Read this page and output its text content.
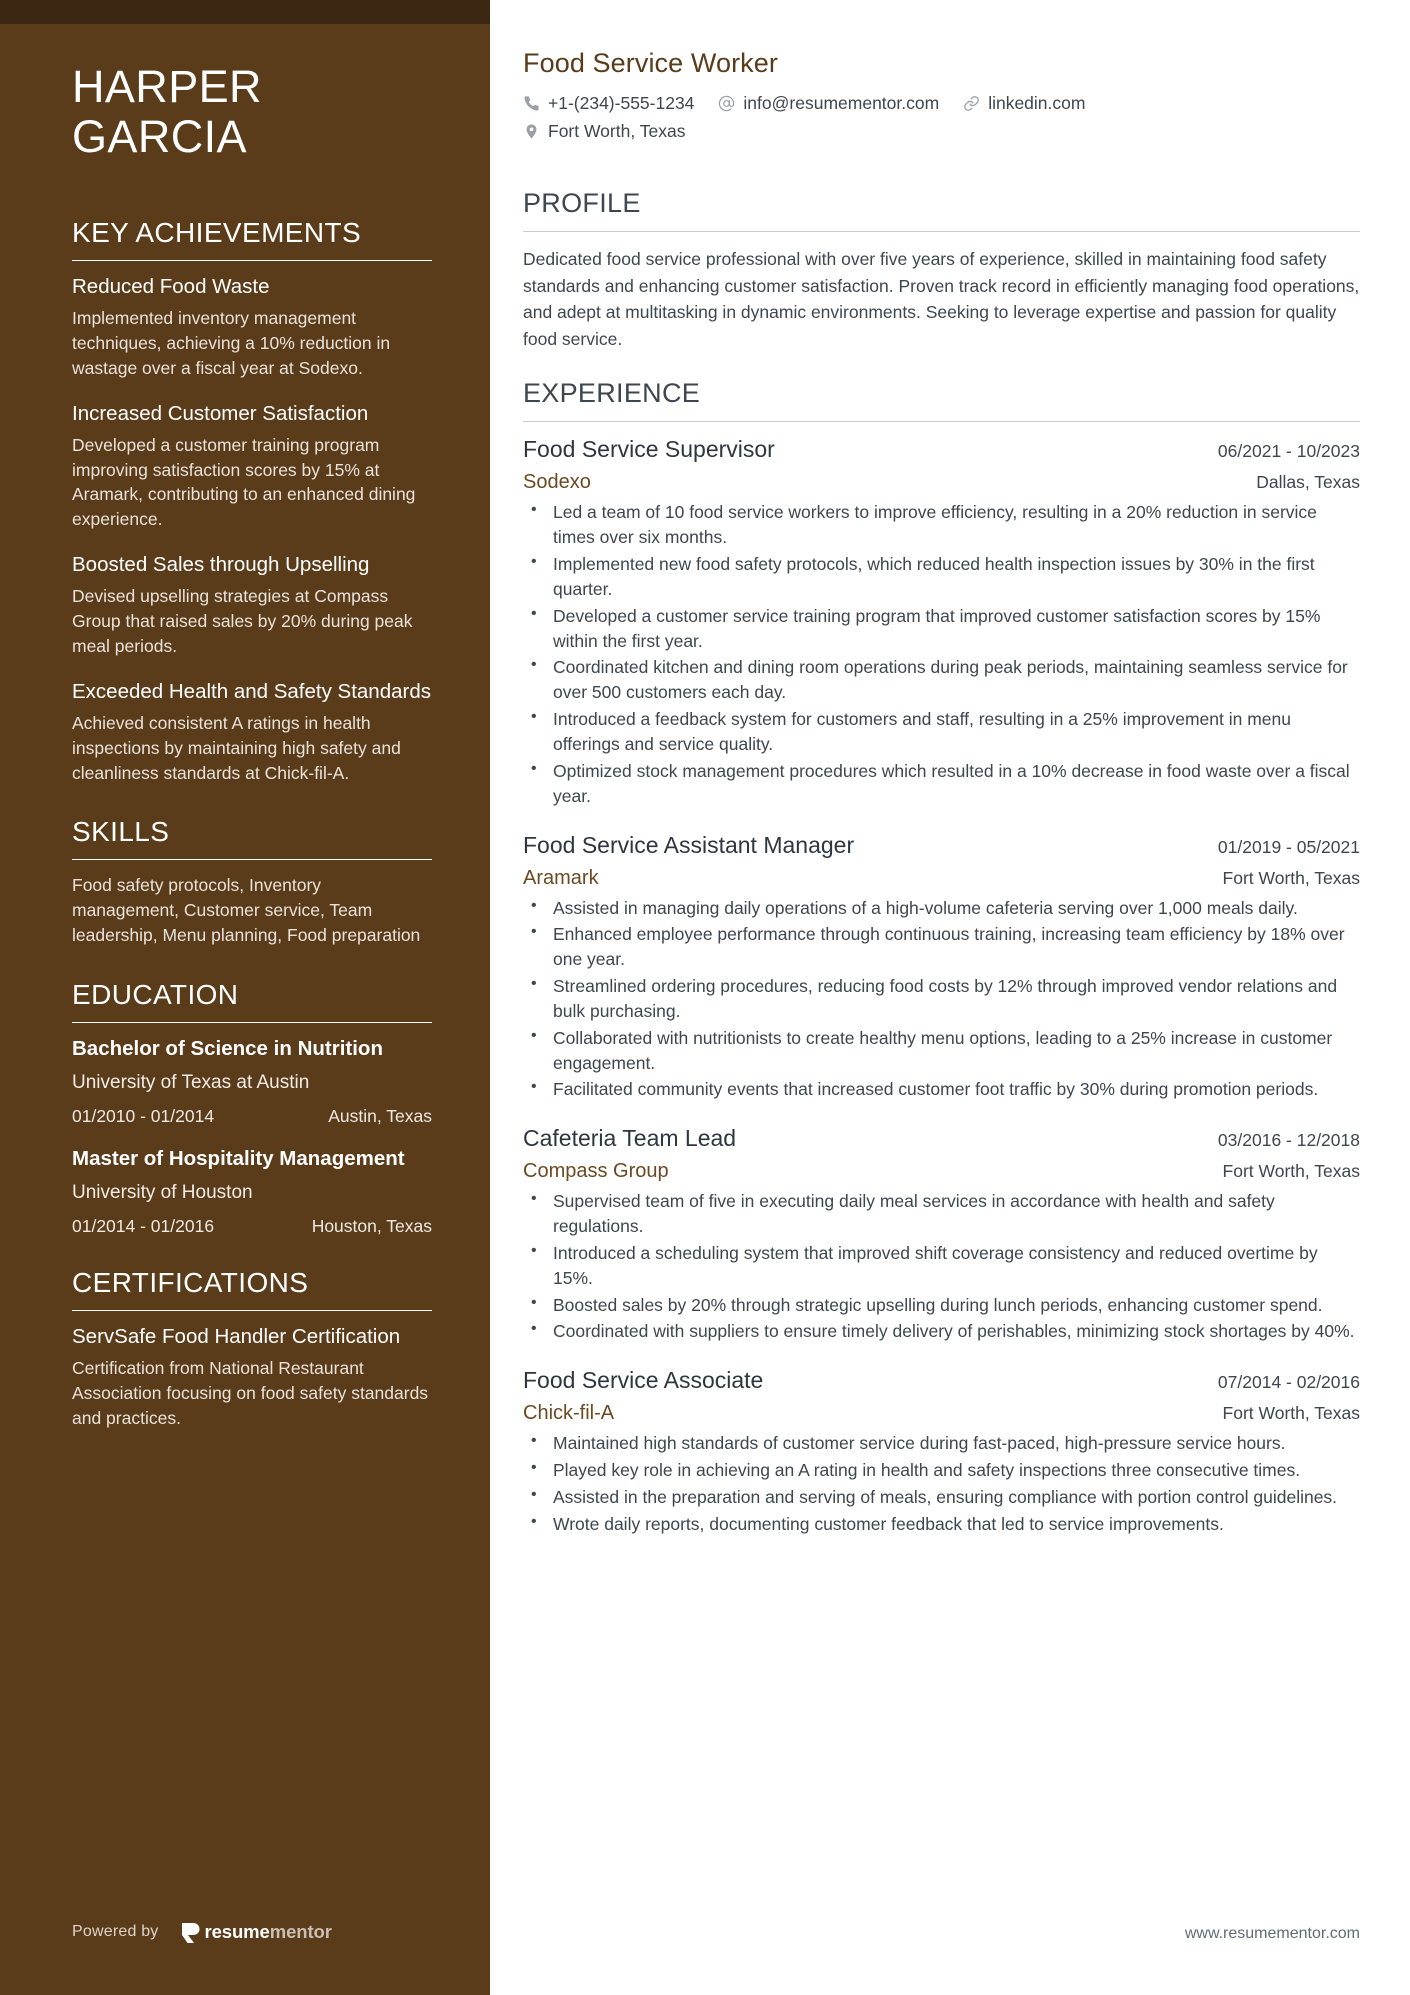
HARPER
GARCIA
KEY ACHIEVEMENTS
Reduced Food Waste
Implemented inventory management techniques, achieving a 10% reduction in wastage over a fiscal year at Sodexo.
Increased Customer Satisfaction
Developed a customer training program improving satisfaction scores by 15% at Aramark, contributing to an enhanced dining experience.
Boosted Sales through Upselling
Devised upselling strategies at Compass Group that raised sales by 20% during peak meal periods.
Exceeded Health and Safety Standards
Achieved consistent A ratings in health inspections by maintaining high safety and cleanliness standards at Chick-fil-A.
SKILLS
Food safety protocols, Inventory management, Customer service, Team leadership, Menu planning, Food preparation
EDUCATION
Bachelor of Science in Nutrition
University of Texas at Austin
01/2010 - 01/2014	Austin, Texas
Master of Hospitality Management
University of Houston
01/2014 - 01/2016	Houston, Texas
CERTIFICATIONS
ServSafe Food Handler Certification
Certification from National Restaurant Association focusing on food safety standards and practices.
Powered by resumementor
Food Service Worker
+1-(234)-555-1234	info@resumementor.com	linkedin.com
Fort Worth, Texas
PROFILE

Dedicated food service professional with over five years of experience, skilled in maintaining food safety standards and enhancing customer satisfaction. Proven track record in efficiently managing food operations, and adept at multitasking in dynamic environments. Seeking to leverage expertise and passion for quality food service.

EXPERIENCE
Food Service Supervisor	06/2021 - 10/2023
Sodexo	Dallas, Texas
• Led a team of 10 food service workers to improve efficiency, resulting in a 20% reduction in service times over six months.
• Implemented new food safety protocols, which reduced health inspection issues by 30% in the first quarter.
• Developed a customer service training program that improved customer satisfaction scores by 15% within the first year.
• Coordinated kitchen and dining room operations during peak periods, maintaining seamless service for over 500 customers each day.
• Introduced a feedback system for customers and staff, resulting in a 25% improvement in menu offerings and service quality.
• Optimized stock management procedures which resulted in a 10% decrease in food waste over a fiscal year.
Food Service Assistant Manager	01/2019 - 05/2021
Aramark	Fort Worth, Texas
• Assisted in managing daily operations of a high-volume cafeteria serving over 1,000 meals daily.
• Enhanced employee performance through continuous training, increasing team efficiency by 18% over one year.
• Streamlined ordering procedures, reducing food costs by 12% through improved vendor relations and bulk purchasing.
• Collaborated with nutritionists to create healthy menu options, leading to a 25% increase in customer engagement.
• Facilitated community events that increased customer foot traffic by 30% during promotion periods.
Cafeteria Team Lead	03/2016 - 12/2018
Compass Group	Fort Worth, Texas
• Supervised team of five in executing daily meal services in accordance with health and safety regulations.
• Introduced a scheduling system that improved shift coverage consistency and reduced overtime by 15%.
• Boosted sales by 20% through strategic upselling during lunch periods, enhancing customer spend.
• Coordinated with suppliers to ensure timely delivery of perishables, minimizing stock shortages by 40%.
Food Service Associate	07/2014 - 02/2016
Chick-fil-A	Fort Worth, Texas
• Maintained high standards of customer service during fast-paced, high-pressure service hours.
• Played key role in achieving an A rating in health and safety inspections three consecutive times.
• Assisted in the preparation and serving of meals, ensuring compliance with portion control guidelines.
• Wrote daily reports, documenting customer feedback that led to service improvements.
www.resumementor.com
